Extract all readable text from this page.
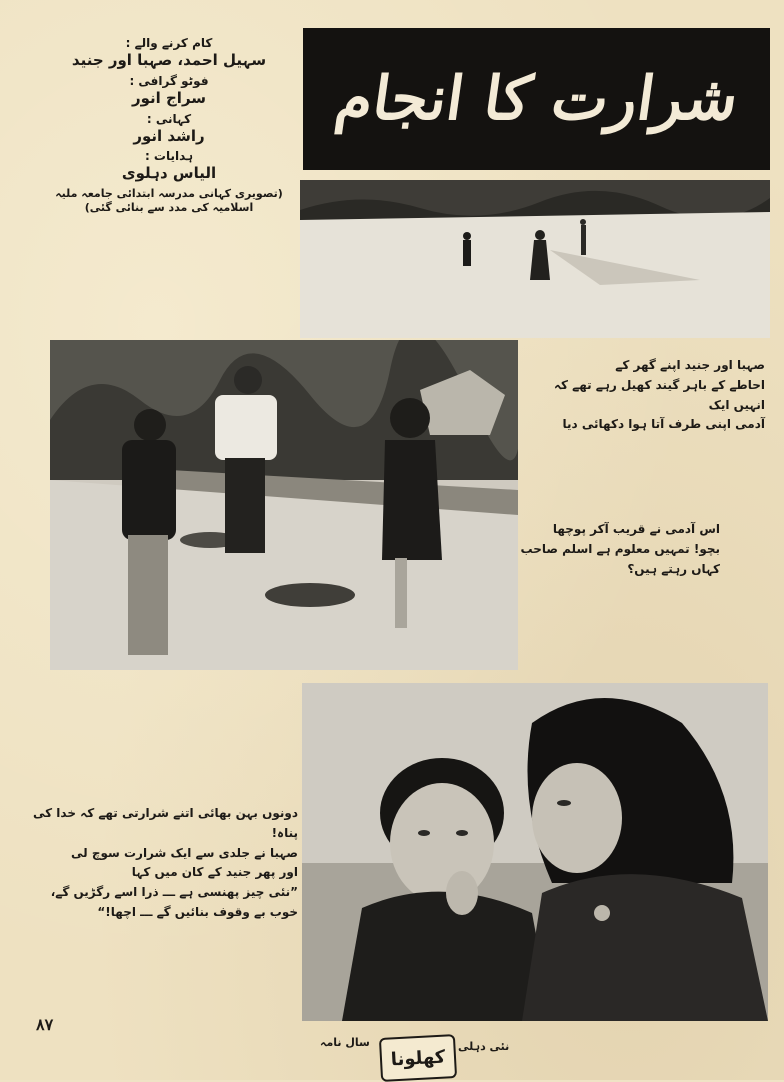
کام کرنے والے :
سہیل احمد، صہبا اور جنید
فوٹو گرافی :
سراج انور
کہانی :
راشد انور
ہدایات :
الیاس دہلوی
(تصویری کہانی مدرسہ ابتدائی جامعہ ملیہ اسلامیہ کی مدد سے بنائی گئی)
شرارت کا انجام
صہبا اور جنید اپنے گھر کے
احاطے کے باہر گیند کھیل رہے تھے کہ انہیں ایک
آدمی اپنی طرف آتا ہوا دکھائی دیا
اس آدمی نے قریب آکر پوچھا
بچو! تمہیں معلوم ہے اسلم صاحب
کہاں رہتے ہیں؟
دونوں بہن بھائی اتنے شرارتی تھے کہ خدا کی پناہ!
صہبا نے جلدی سے ایک شرارت سوچ لی
اور پھر جنید کے کان میں کہا
”نئی چیز پھنسی ہے ـــ ذرا اسے رگڑیں گے،
خوب بے وقوف بنائیں گے ـــ اچھا!“
۸۷
سال نامہ	نئی دہلی
کھلونا
